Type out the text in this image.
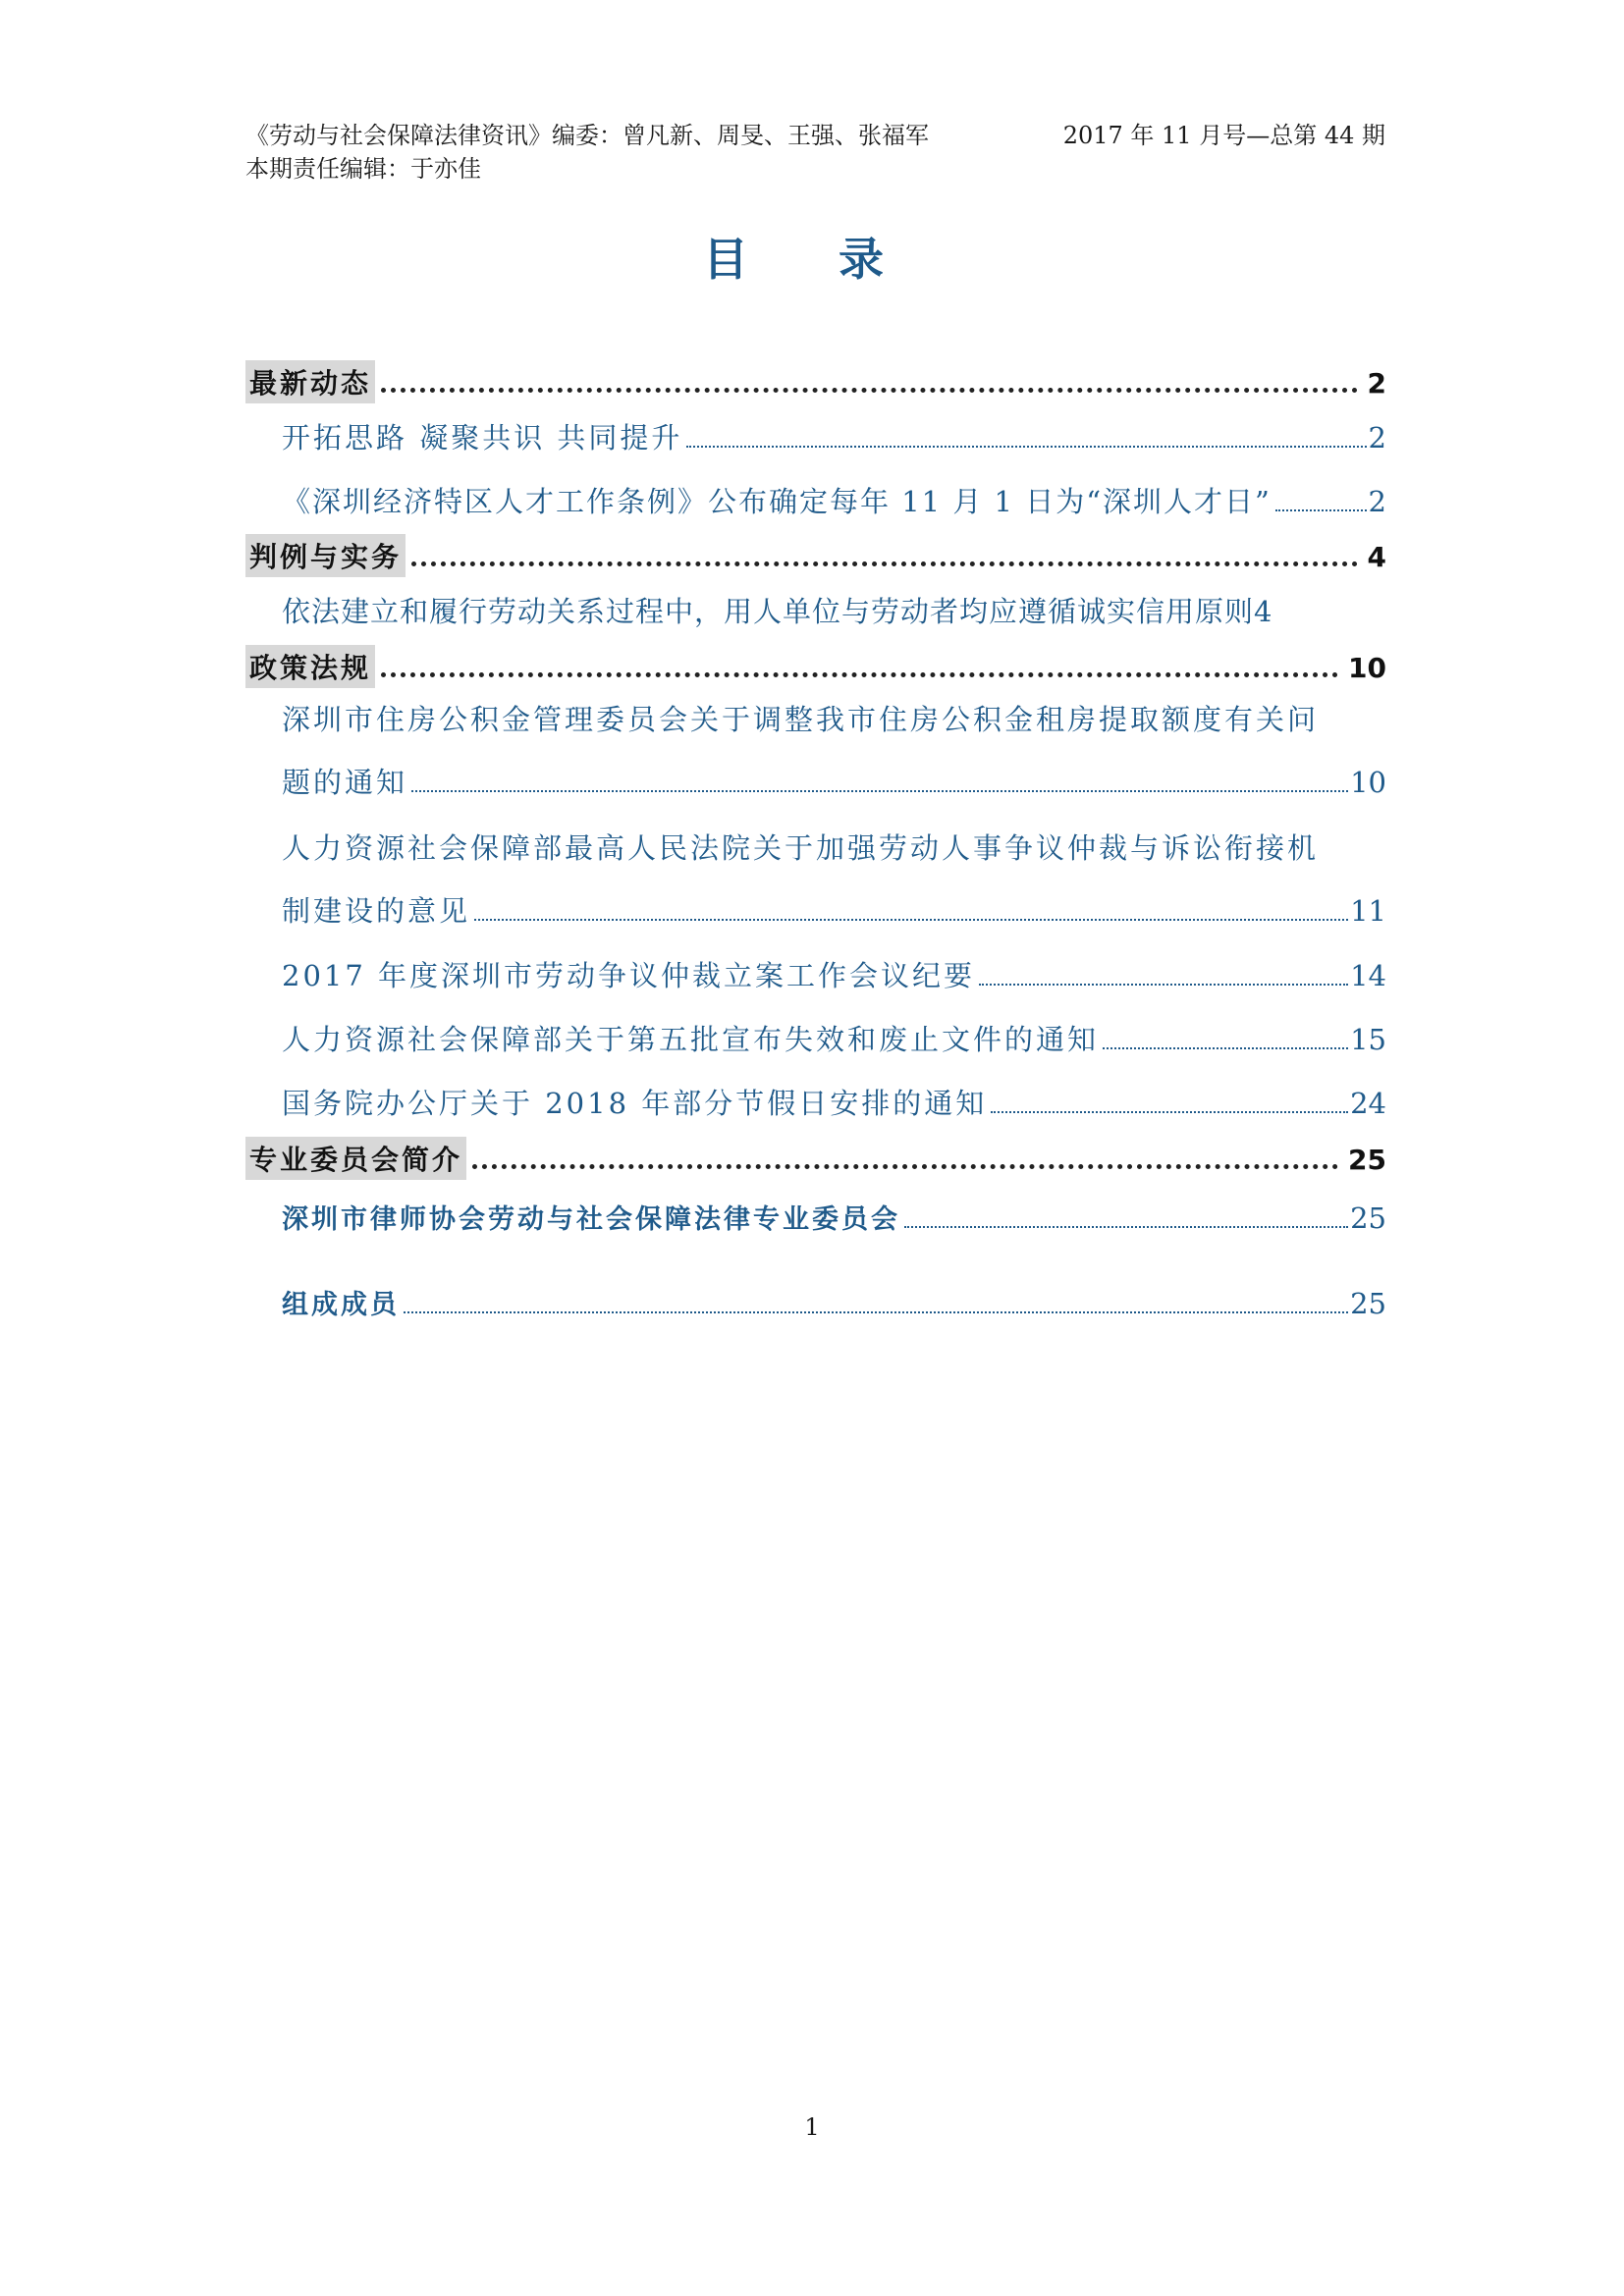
《劳动与社会保障法律资讯》编委：曾凡新、周旻、王强、张福军	2017 年 11 月号—总第 44 期
本期责任编辑：于亦佳
目 录
最新动态	2
开拓思路 凝聚共识 共同提升	2
《深圳经济特区人才工作条例》公布确定每年 11 月 1 日为“深圳人才日”	2
判例与实务	4
依法建立和履行劳动关系过程中，用人单位与劳动者均应遵循诚实信用原则 4
政策法规	10
深圳市住房公积金管理委员会关于调整我市住房公积金租房提取额度有关问
题的通知	10
人力资源社会保障部最高人民法院关于加强劳动人事争议仲裁与诉讼衔接机
制建设的意见	11
2017 年度深圳市劳动争议仲裁立案工作会议纪要	14
人力资源社会保障部关于第五批宣布失效和废止文件的通知	15
国务院办公厅关于 2018 年部分节假日安排的通知	24
专业委员会简介	25
深圳市律师协会劳动与社会保障法律专业委员会	25
组成成员	25
1
